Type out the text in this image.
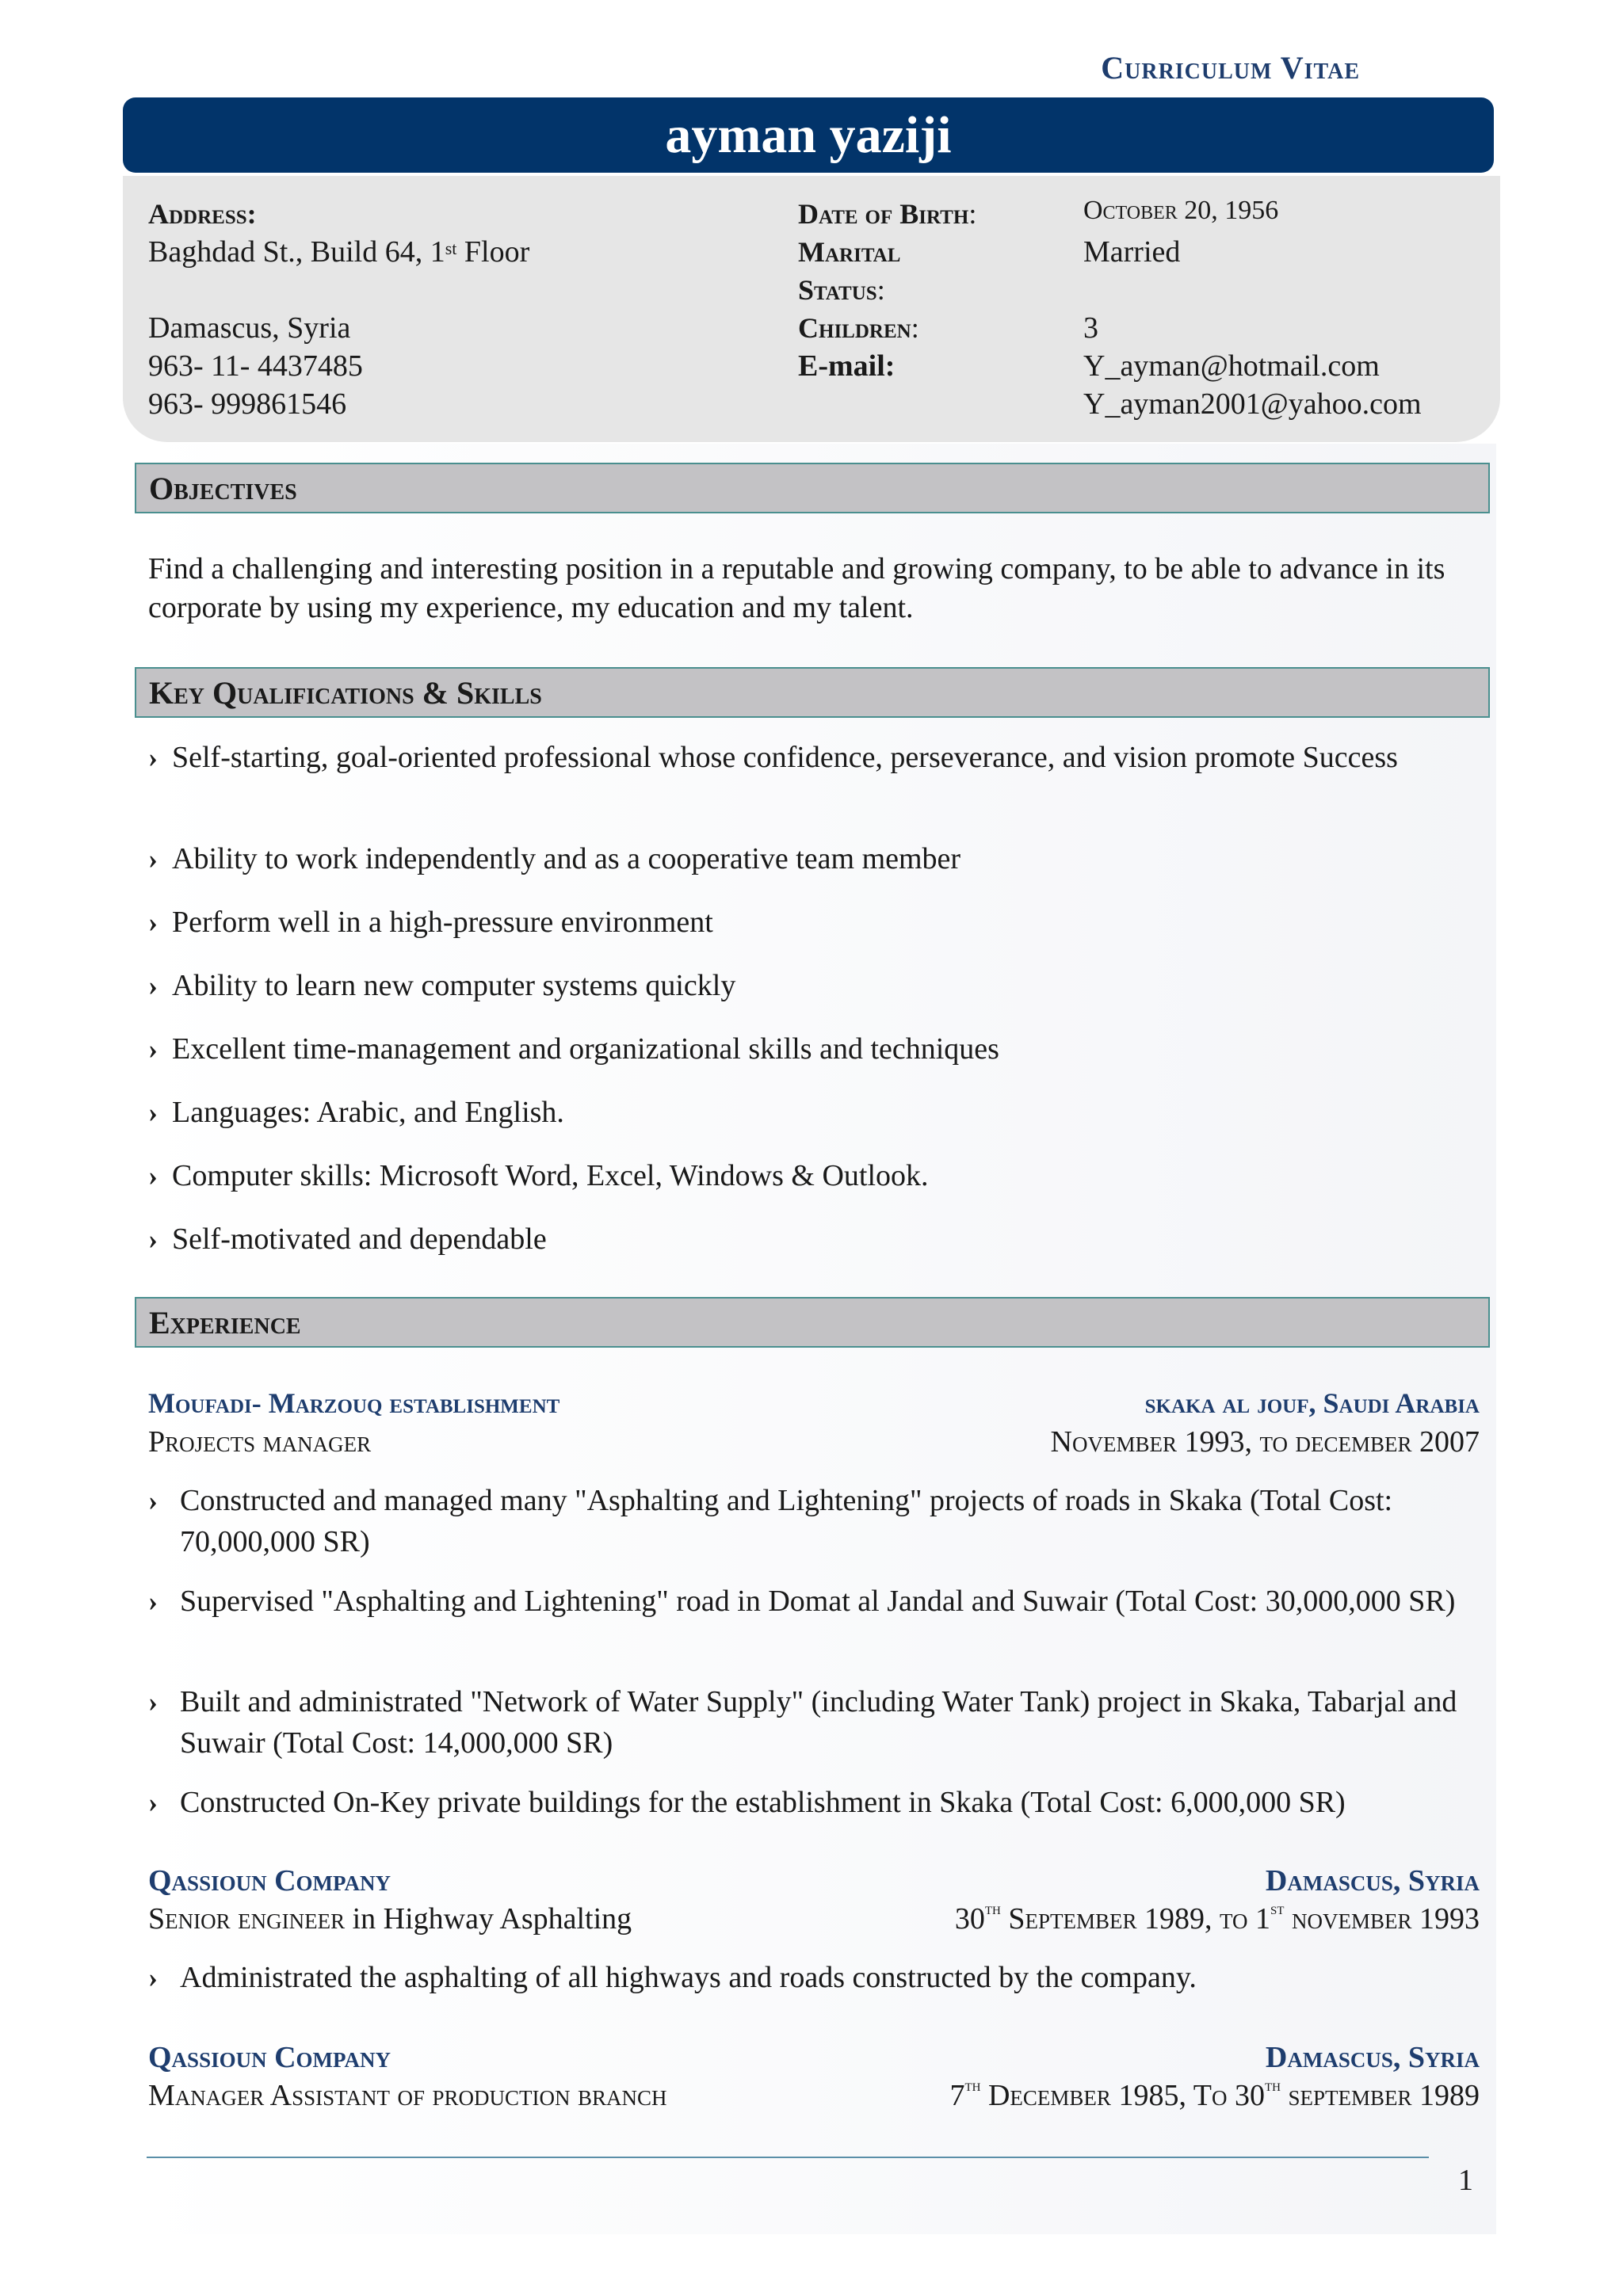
Curriculum Vitae
ayman yaziji
Address:
Baghdad St., Build 64, 1st Floor
Damascus, Syria
963- 11- 4437485
963- 999861546
Date of Birth:	October 20, 1956
Marital
Status:
Married
Children:	3
E-mail:	Y_ayman@hotmail.com
Y_ayman2001@yahoo.com
Objectives
Find a challenging and interesting position in a reputable and growing company, to be able to advance in its corporate by using my experience, my education and my talent.
Key Qualifications & Skills
› Self-starting, goal-oriented professional whose confidence, perseverance, and vision promote Success
› Ability to work independently and as a cooperative team member
› Perform well in a high-pressure environment
› Ability to learn new computer systems quickly
› Excellent time-management and organizational skills and techniques
› Languages: Arabic, and English.
› Computer skills: Microsoft Word, Excel, Windows & Outlook.
› Self-motivated and dependable
Experience
Moufadi- Marzouq establishment	skaka al jouf, Saudi Arabia
Projects manager	November 1993, to december 2007
› Constructed and managed many "Asphalting and Lightening" projects of roads in Skaka (Total Cost: 70,000,000 SR)
› Supervised "Asphalting and Lightening" road in Domat al Jandal and Suwair (Total Cost: 30,000,000 SR)
› Built and administrated "Network of Water Supply" (including Water Tank) project in Skaka, Tabarjal and Suwair (Total Cost: 14,000,000 SR)
› Constructed On-Key private buildings for the establishment in Skaka (Total Cost: 6,000,000 SR)
Qassioun Company	Damascus, Syria
Senior engineer in Highway Asphalting	30th September 1989, to 1st november 1993
› Administrated the asphalting of all highways and roads constructed by the company.
Qassioun Company	Damascus, Syria
Manager Assistant of production branch	7th December 1985, To 30th september 1989
1
